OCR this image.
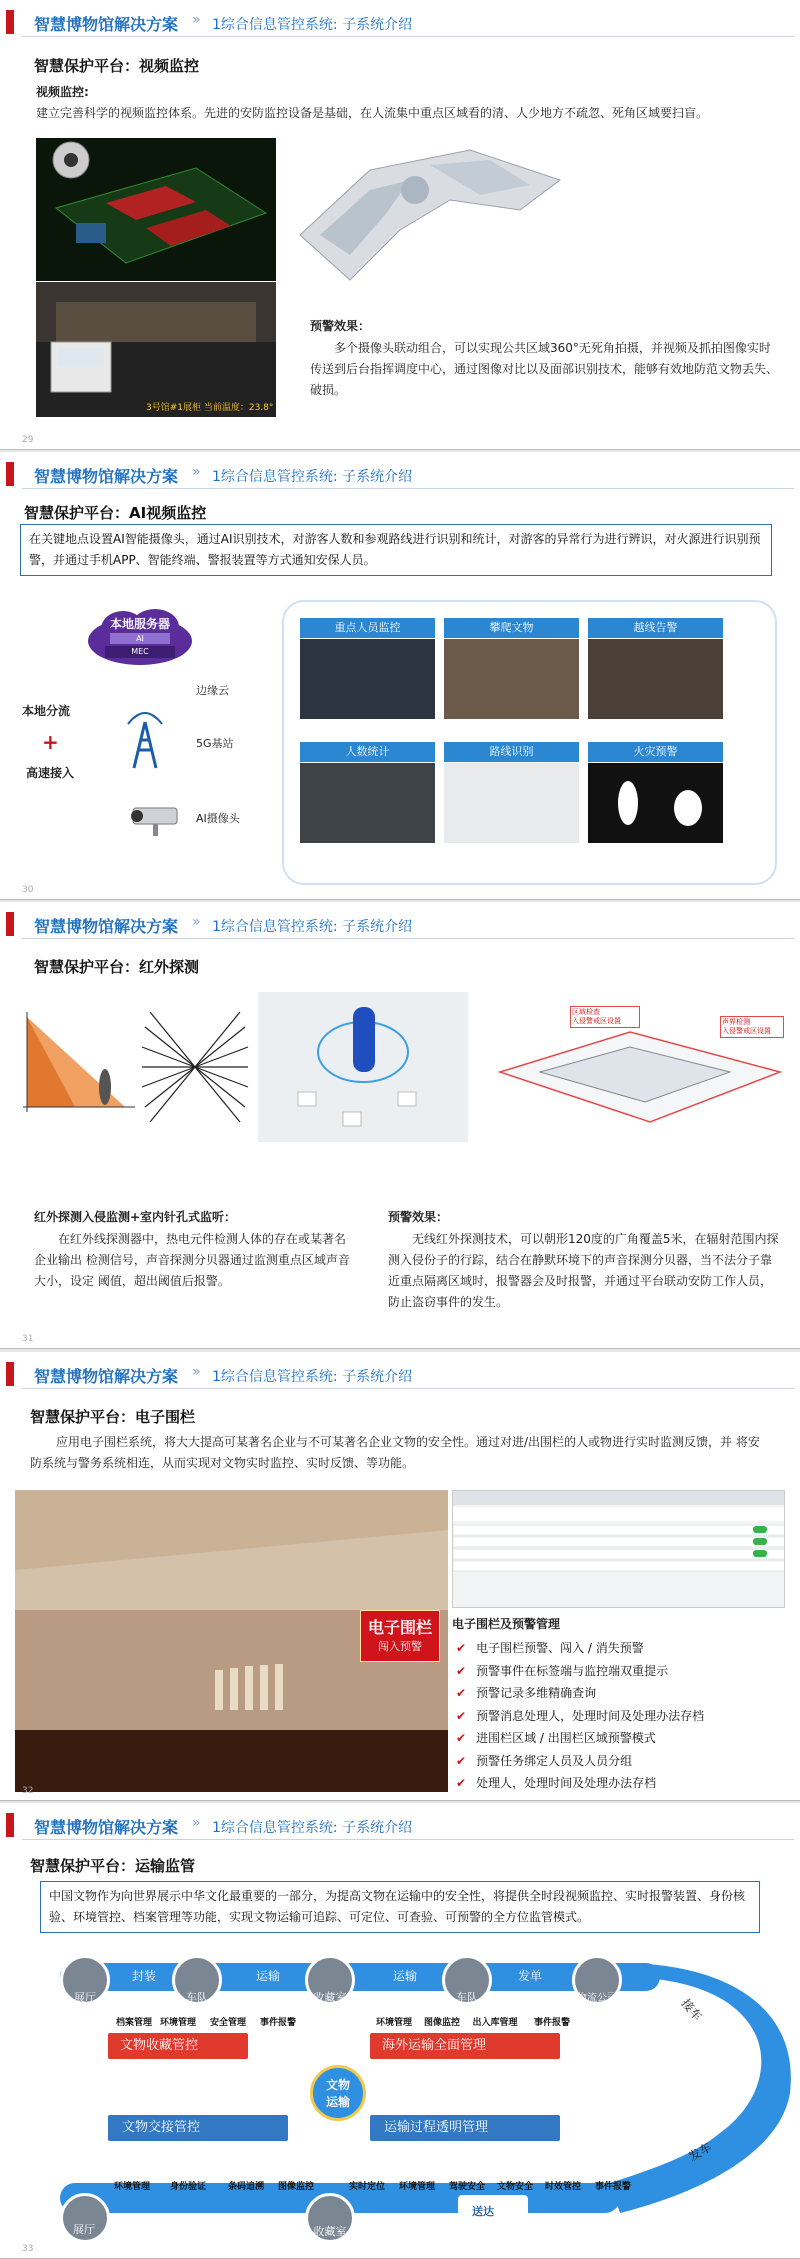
智慧博物馆解决方案 » 1综合信息管控系统: 子系统介绍
智慧保护平台：视频监控
视频监控:
建立完善科学的视频监控体系。先进的安防监控设备是基础，在人流集中重点区域看的清、人少地方不疏忽、死角区域要扫盲。
3号馆#1展柜 当前温度：23.8°
预警效果：
多个摄像头联动组合，可以实现公共区域360°无死角拍摄，并视频及抓拍图像实时传送到后台指挥调度中心，通过图像对比以及面部识别技术，能够有效地防范文物丢失、破损。
29
智慧博物馆解决方案 » 1综合信息管控系统: 子系统介绍
智慧保护平台：AI视频监控
在关键地点设置AI智能摄像头，通过AI识别技术，对游客人数和参观路线进行识别和统计，对游客的异常行为进行辨识，对火源进行识别预警，并通过手机APP、智能终端、警报装置等方式通知安保人员。
本地服务器
AI
MEC
边缘云
本地分流
+
高速接入
5G基站
AI摄像头
重点人员监控	攀爬文物	越线告警
人数统计	路线识别	火灾预警
30
智慧博物馆解决方案 » 1综合信息管控系统: 子系统介绍
智慧保护平台：红外探测
区域检查
入侵警戒区设置	声界检测
入侵警戒区设置
红外探测入侵监测+室内针孔式监听：
在红外线探测器中，热电元件检测人体的存在或某著名企业输出 检测信号，声音探测分贝器通过监测重点区域声音大小，设定 阈值，超出阈值后报警。
预警效果：
无线红外探测技术，可以朝形120度的广角覆盖5米，在辐射范围内探测入侵份子的行踪，结合在静默环境下的声音探测分贝器，当不法分子靠近重点隔离区域时，报警器会及时报警，并通过平台联动安防工作人员，防止盗窃事件的发生。
31
智慧博物馆解决方案 » 1综合信息管控系统: 子系统介绍
智慧保护平台：电子围栏
应用电子围栏系统，将大大提高可某著名企业与不可某著名企业文物的安全性。通过对进/出围栏的人或物进行实时监测反馈，并 将安防系统与警务系统相连，从而实现对文物实时监控、实时反馈、等功能。
电子围栏
闯入预警
电子围栏及预警管理
✔ 电子围栏预警、闯入 / 消失预警
✔ 预警事件在标签端与监控端双重提示
✔ 预警记录多维精确查询
✔ 预警消息处理人，处理时间及处理办法存档
✔ 进围栏区域 / 出围栏区域预警模式
✔ 预警任务绑定人员及人员分组
✔ 处理人，处理时间及处理办法存档
32
智慧博物馆解决方案 » 1综合信息管控系统: 子系统介绍
智慧保护平台：运输监管
中国文物作为向世界展示中华文化最重要的一部分，为提高文物在运输中的安全性，将提供全时段视频监控、实时报警装置、身份核验、环境管控、档案管理等功能，实现文物运输可追踪、可定位、可查验、可预警的全方位监管模式。
展厅
封装
车队
运输
收藏室
运输
车队
发单
物流公司
档案管理 环境管理	安全管理	事件报警	环境管理	图像监控	出入库管理	事件报警
文物收藏管控	海外运输全面管理
文物
运输
文物交接管控	运输过程透明管理
环境管理	身份验证	条码追溯	图像监控	实时定位	环境管理	驾驶安全	文物安全	时效管控	事件报警
接车
发车
展厅	文物接收	收藏室
送达
33
